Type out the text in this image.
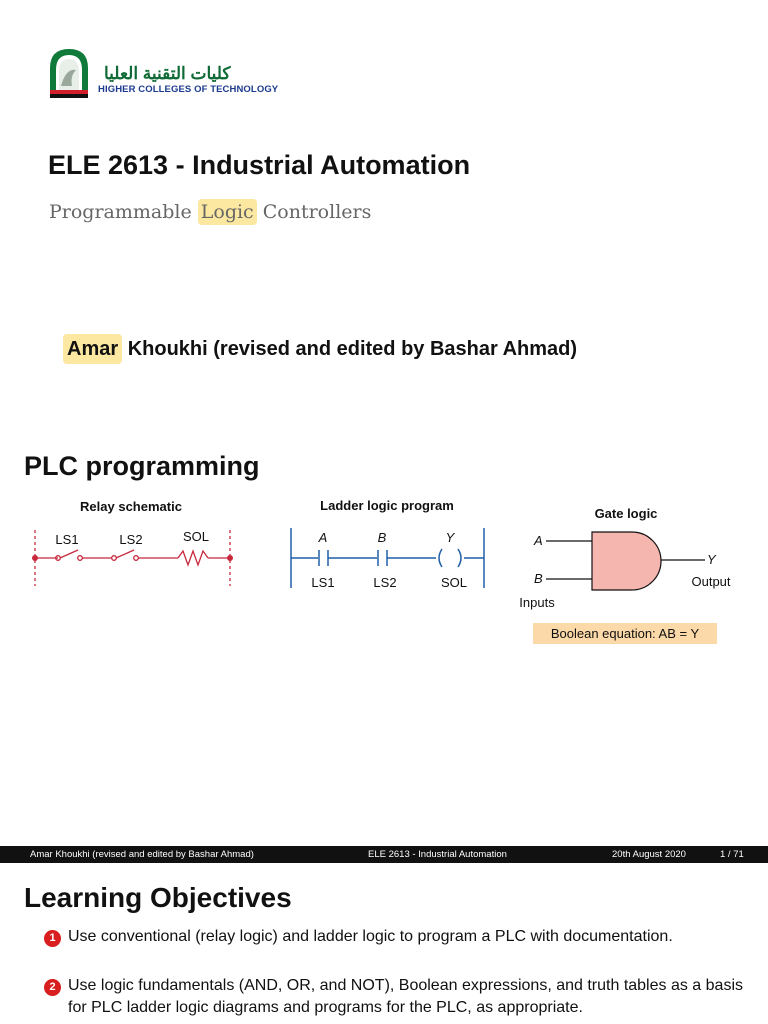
كليات التقنية العليا
HIGHER COLLEGES OF TECHNOLOGY
ELE 2613 - Industrial Automation
Programmable Logic Controllers
Amar Khoukhi (revised and edited by Bashar Ahmad)
PLC programming
Relay schematic
LS1	LS2	SOL
Ladder logic program
A	B	Y
LS1	LS2	SOL
Gate logic
A
B
Y
Output
Inputs
Boolean equation: AB = Y
Amar Khoukhi (revised and edited by Bashar Ahmad)	ELE 2613 - Industrial Automation	20th August 2020	1 / 71
Learning Objectives
1 Use conventional (relay logic) and ladder logic to program a PLC with documentation.
2 Use logic fundamentals (AND, OR, and NOT), Boolean expressions, and truth tables as a basis for PLC ladder logic diagrams and programs for the PLC, as appropriate.
